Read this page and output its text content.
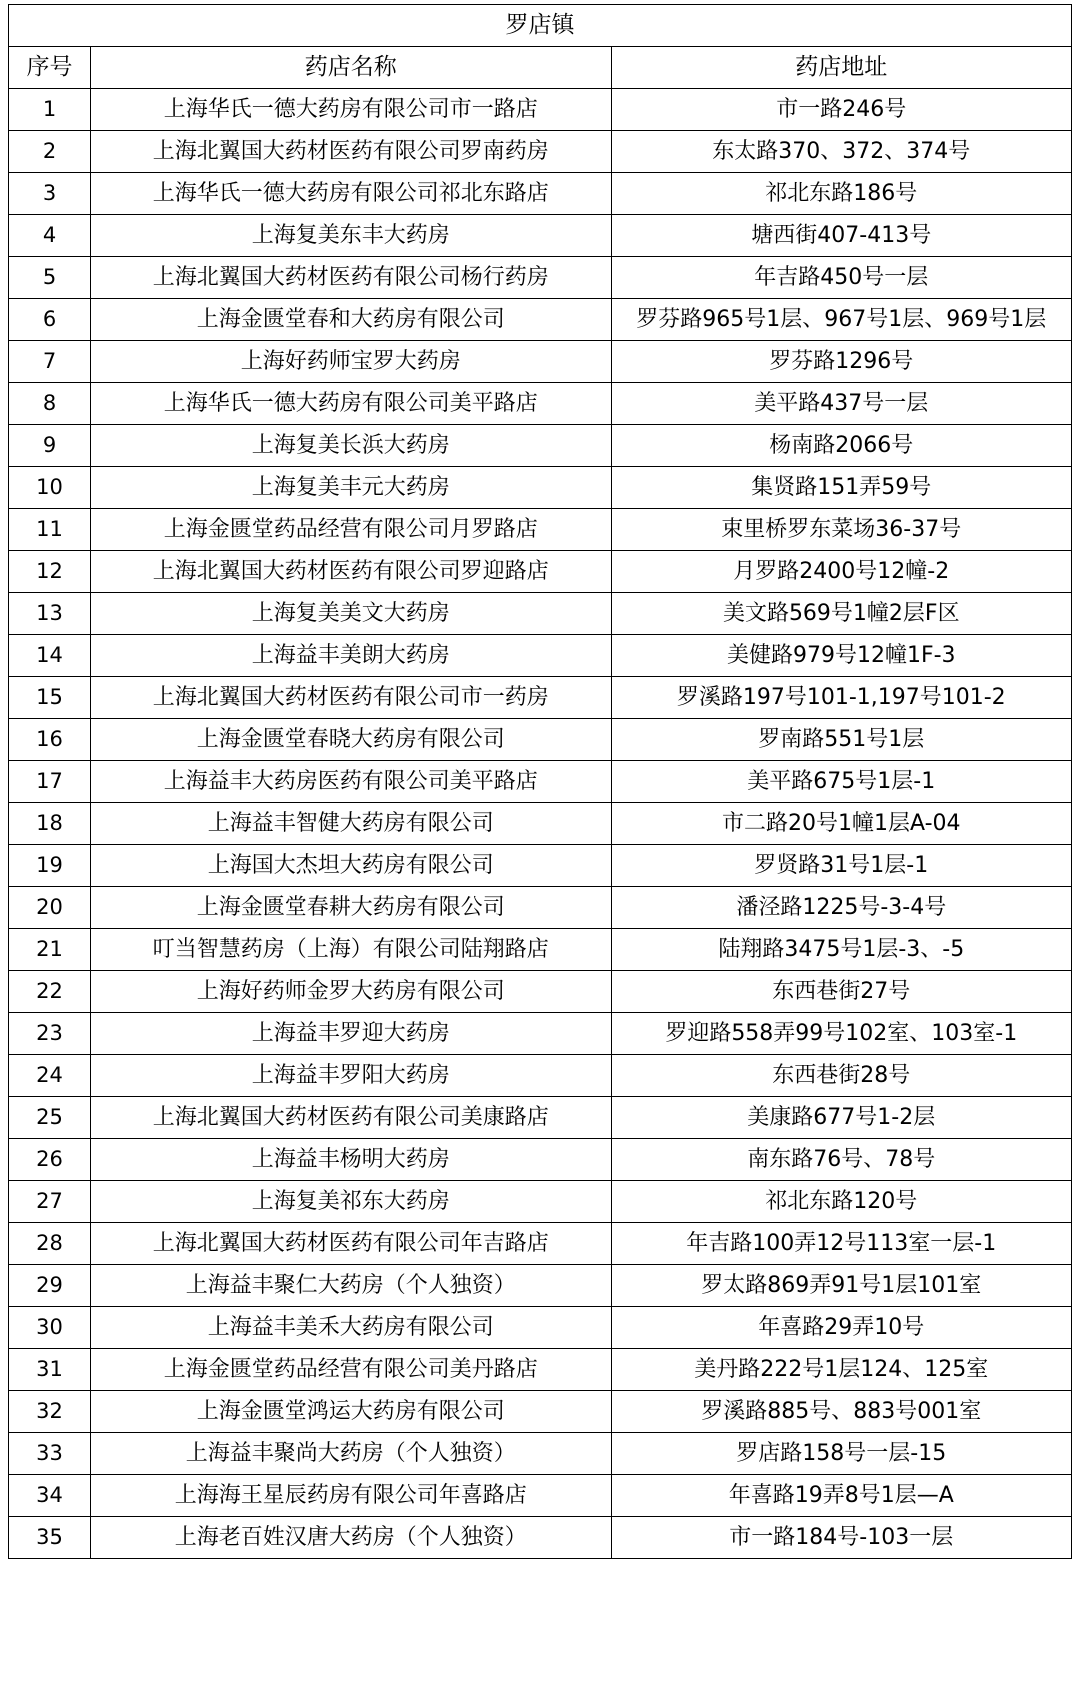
罗店镇		
序号	药店名称	药店地址
1	上海华氏一德大药房有限公司市一路店	市一路246号
2	上海北翼国大药材医药有限公司罗南药房	东太路370、372、374号
3	上海华氏一德大药房有限公司祁北东路店	祁北东路186号
4	上海复美东丰大药房	塘西街407-413号
5	上海北翼国大药材医药有限公司杨行药房	年吉路450号一层
6	上海金匮堂春和大药房有限公司	罗芬路965号1层、967号1层、969号1层
7	上海好药师宝罗大药房	罗芬路1296号
8	上海华氏一德大药房有限公司美平路店	美平路437号一层
9	上海复美长浜大药房	杨南路2066号
10	上海复美丰元大药房	集贤路151弄59号
11	上海金匮堂药品经营有限公司月罗路店	束里桥罗东菜场36-37号
12	上海北翼国大药材医药有限公司罗迎路店	月罗路2400号12幢-2
13	上海复美美文大药房	美文路569号1幢2层F区
14	上海益丰美朗大药房	美健路979号12幢1F-3
15	上海北翼国大药材医药有限公司市一药房	罗溪路197号101-1,197号101-2
16	上海金匮堂春晓大药房有限公司	罗南路551号1层
17	上海益丰大药房医药有限公司美平路店	美平路675号1层-1
18	上海益丰智健大药房有限公司	市二路20号1幢1层A-04
19	上海国大杰坦大药房有限公司	罗贤路31号1层-1
20	上海金匮堂春耕大药房有限公司	潘泾路1225号-3-4号
21	叮当智慧药房（上海）有限公司陆翔路店	陆翔路3475号1层-3、-5
22	上海好药师金罗大药房有限公司	东西巷街27号
23	上海益丰罗迎大药房	罗迎路558弄99号102室、103室-1
24	上海益丰罗阳大药房	东西巷街28号
25	上海北翼国大药材医药有限公司美康路店	美康路677号1-2层
26	上海益丰杨明大药房	南东路76号、78号
27	上海复美祁东大药房	祁北东路120号
28	上海北翼国大药材医药有限公司年吉路店	年吉路100弄12号113室一层-1
29	上海益丰聚仁大药房（个人独资）	罗太路869弄91号1层101室
30	上海益丰美禾大药房有限公司	年喜路29弄10号
31	上海金匮堂药品经营有限公司美丹路店	美丹路222号1层124、125室
32	上海金匮堂鸿运大药房有限公司	罗溪路885号、883号001室
33	上海益丰聚尚大药房（个人独资）	罗店路158号一层-15
34	上海海王星辰药房有限公司年喜路店	年喜路19弄8号1层—A
35	上海老百姓汉唐大药房（个人独资）	市一路184号-103一层
